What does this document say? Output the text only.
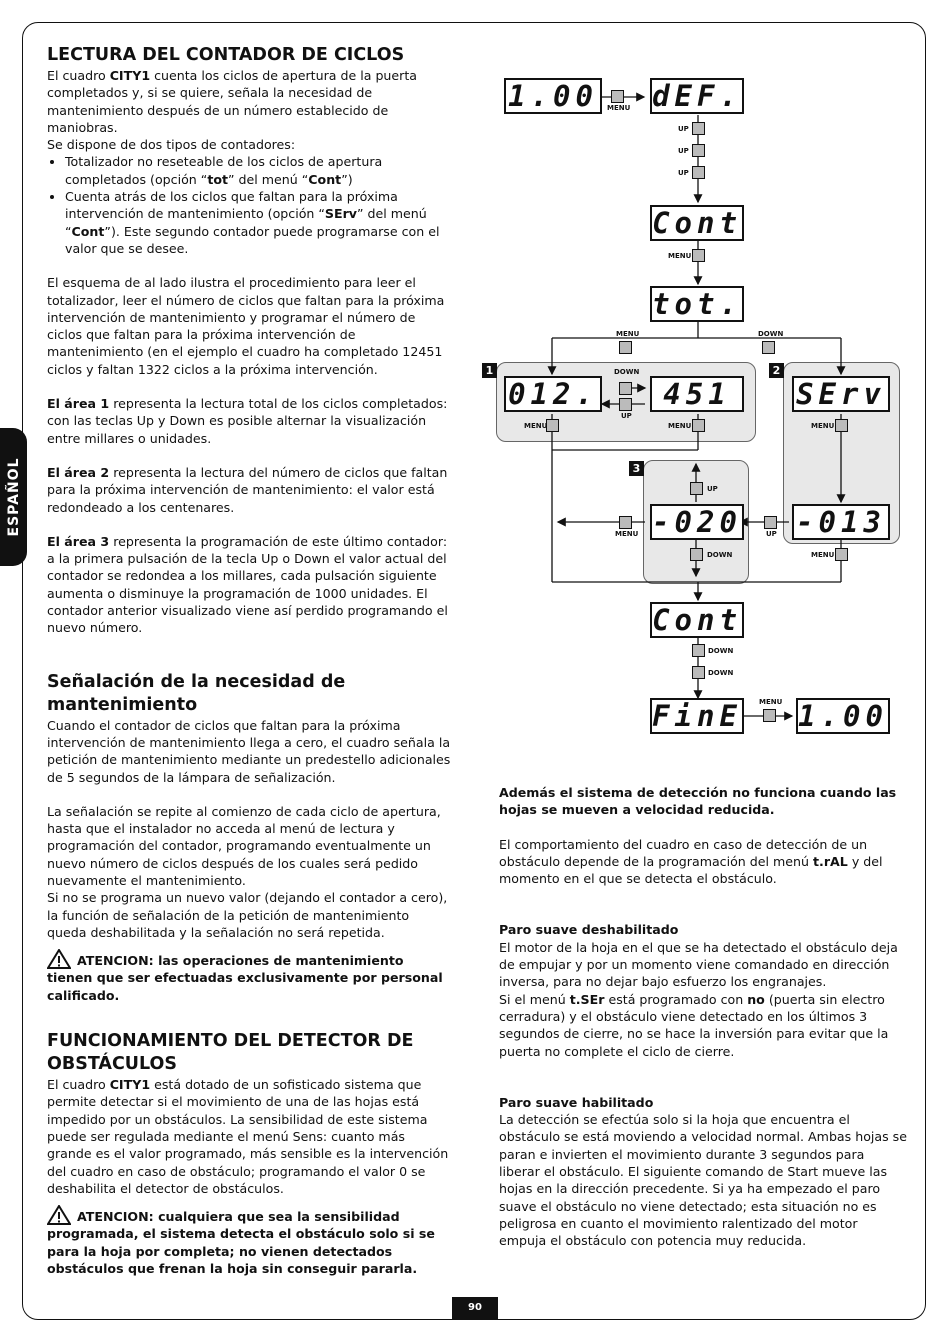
ESPAÑOL
LECTURA DEL CONTADOR DE CICLOS

El cuadro CITY1 cuenta los ciclos de apertura de la puerta completados y, si se quiere, señala la necesidad de mantenimiento después de un número establecido de maniobras.

Se dispone de dos tipos de contadores:

• Totalizador no reseteable de los ciclos de apertura completados (opción “tot” del menú “Cont”)
• Cuenta atrás de los ciclos que faltan para la próxima intervención de mantenimiento (opción “SErv” del menú “Cont”). Este segundo contador puede programarse con el valor que se desee.

El esquema de al lado ilustra el procedimiento para leer el totalizador, leer el número de ciclos que faltan para la próxima intervención de mantenimiento y programar el número de ciclos que faltan para la próxima intervención de mantenimiento (en el ejemplo el cuadro ha completado 12451 ciclos y faltan 1322 ciclos a la próxima intervención.

El área 1 representa la lectura total de los ciclos completados: con las teclas Up y Down es posible alternar la visualización entre millares o unidades.

El área 2 representa la lectura del número de ciclos que faltan para la próxima intervención de mantenimiento: el valor está redondeado a los centenares.

El área 3 representa la programación de este último contador: a la primera pulsación de la tecla Up o Down el valor actual del contador se redondea a los millares, cada pulsación siguiente aumenta o disminuye la programación de 1000 unidades. El contador anterior visualizado viene así perdido programando el nuevo número.

Señalación de la necesidad de mantenimiento

Cuando el contador de ciclos que faltan para la próxima intervención de mantenimiento llega a cero, el cuadro señala la petición de mantenimiento mediante un predestello adicionales de 5 segundos de la lámpara de señalización.

La señalación se repite al comienzo de cada ciclo de apertura, hasta que el instalador no acceda al menú de lectura y programación del contador, programando eventualmente un nuevo número de ciclos después de los cuales será pedido nuevamente el mantenimiento.

Si no se programa un nuevo valor (dejando el contador a cero), la función de señalación de la petición de mantenimiento queda deshabilitada y la señalación no será repetida.

ATENCION: las operaciones de mantenimiento tienen que ser efectuadas exclusivamente por personal calificado.

FUNCIONAMIENTO DEL DETECTOR DE OBSTÁCULOS

El cuadro CITY1 está dotado de un sofisticado sistema que permite detectar si el movimiento de una de las hojas está impedido por un obstáculos. La sensibilidad de este sistema puede ser regulada mediante el menú Sens: cuanto más grande es el valor programado, más sensible es la intervención del cuadro en caso de obstáculo; programando el valor 0 se deshabilita el detector de obstáculos.

ATENCION: cualquiera que sea la sensibilidad programada, el sistema detecta el obstáculo solo si se para la hoja por completa; no vienen detectados obstáculos que frenan la hoja sin conseguir pararla.

Además el sistema de detección no funciona cuando las hojas se mueven a velocidad reducida.

El comportamiento del cuadro en caso de detección de un obstáculo depende de la programación del menú t.rAL y del momento en el que se detecta el obstáculo.

Paro suave deshabilitado

El motor de la hoja en el que se ha detectado el obstáculo deja de empujar y por un momento viene comandado en dirección inversa, para no dejar bajo esfuerzo los engranajes.

Si el menú t.SEr está programado con no (puerta sin electro cerradura) y el obstáculo viene detectado en los últimos 3 segundos de cierre, no se hace la inversión para evitar que la puerta no complete el ciclo de cierre.

Paro suave habilitado

La detección se efectúa solo si la hoja que encuentra el obstáculo se está moviendo a velocidad normal. Ambas hojas se paran e invierten el movimiento durante 3 segundos para liberar el obstáculo. El siguiente comando de Start mueve las hojas en la dirección precedente. Si ya ha empezado el paro suave el obstáculo no viene detectado; esta situación no es peligrosa en cuanto el movimiento ralentizado del motor empuja el obstáculo con potencia muy reducida.

1	2
3
1.00 dEF.
Cont
tot.
012. 451 SErv
-020 -013
Cont
FinE 1.00
MENU
UP
UP
UP
MENU
MENU	DOWN
DOWN
UP
MENU	MENU	MENU
UP
MENU	UP
DOWN	MENU
DOWN
DOWN
MENU
90
